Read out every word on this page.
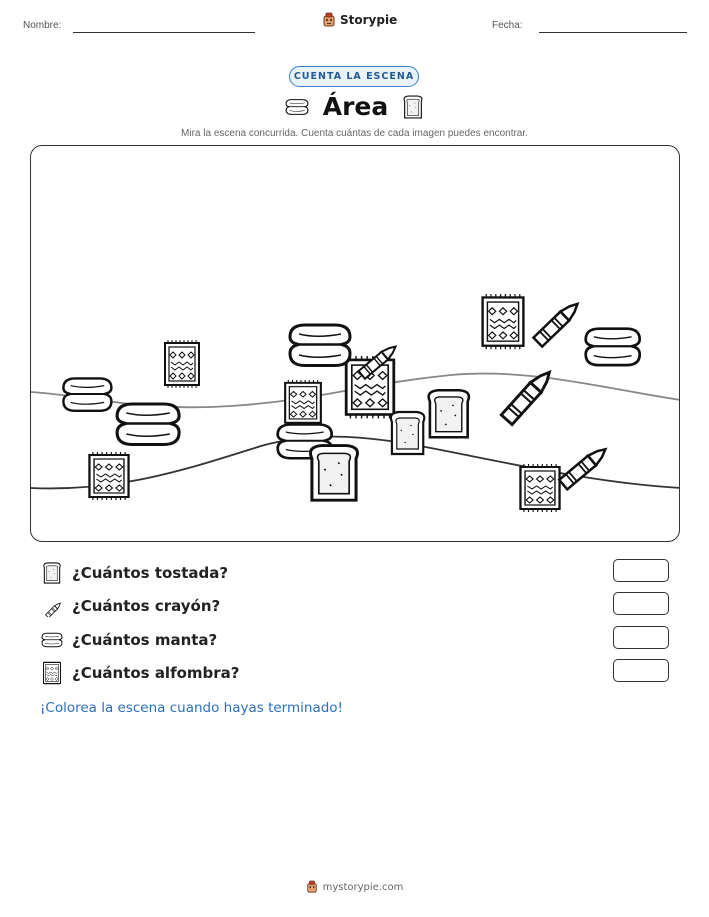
Nombre:	Storypie	Fecha:
CUENTA LA ESCENA
Área
Mira la escena concurrida. Cuenta cuántas de cada imagen puedes encontrar.
¿Cuántos tostada?
¿Cuántos crayón?
¿Cuántos manta?
¿Cuántos alfombra?
¡Colorea la escena cuando hayas terminado!
mystorypie.com
